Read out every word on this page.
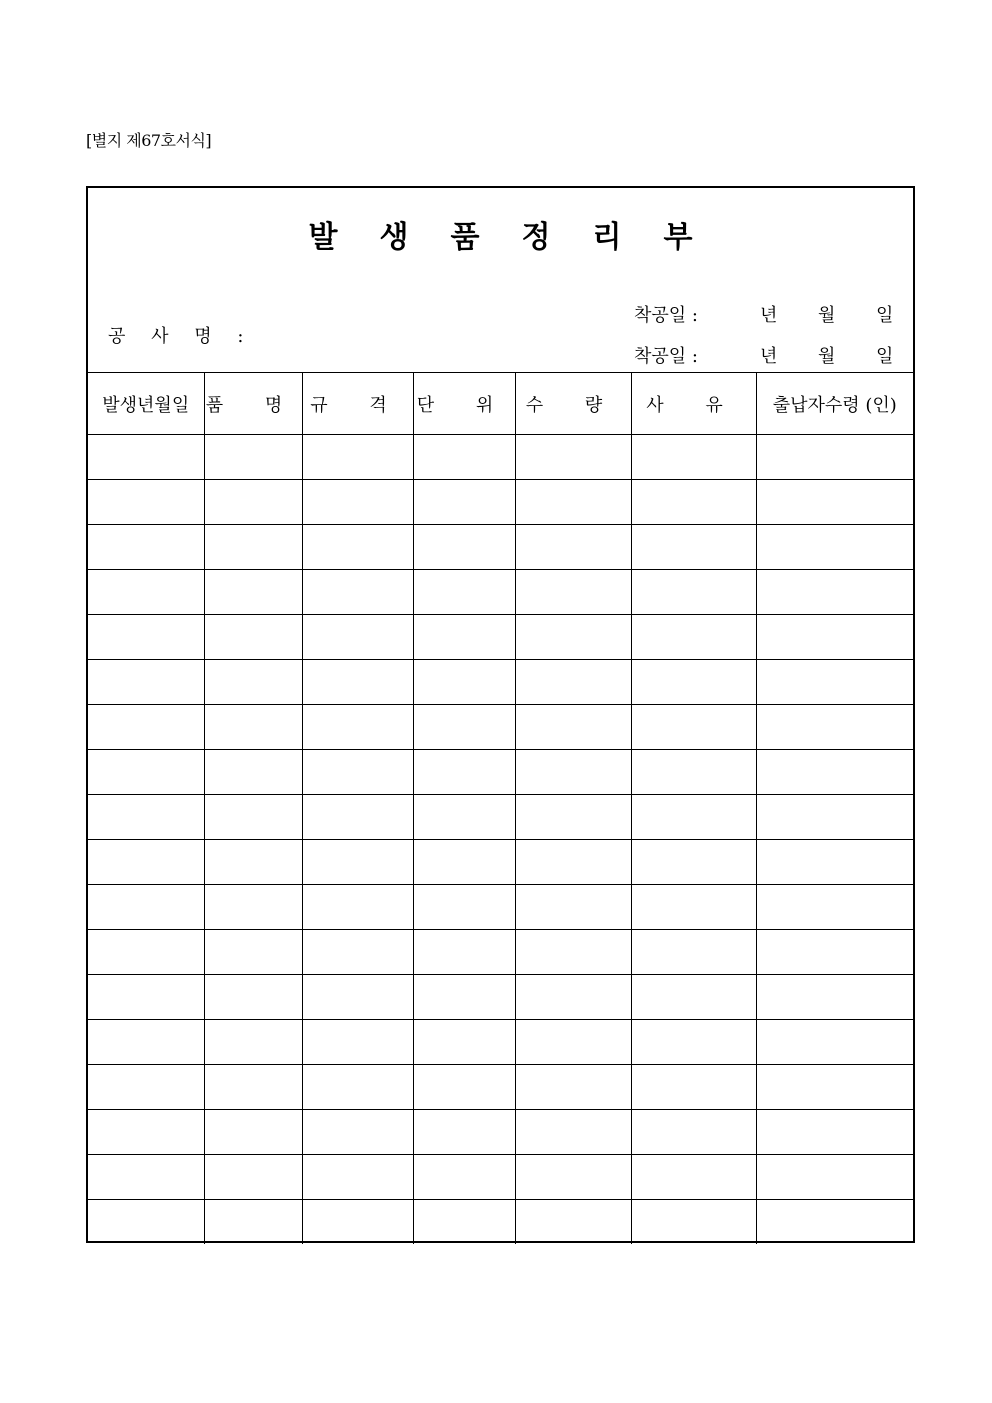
[별지 제67호서식]
발생품정리부
착공일 :	년 월 일
공 사 명 :
착공일 :	년 월 일
발생년월일	품 명	규 격	단 위	수 량	사 유	출납자수령 (인)
